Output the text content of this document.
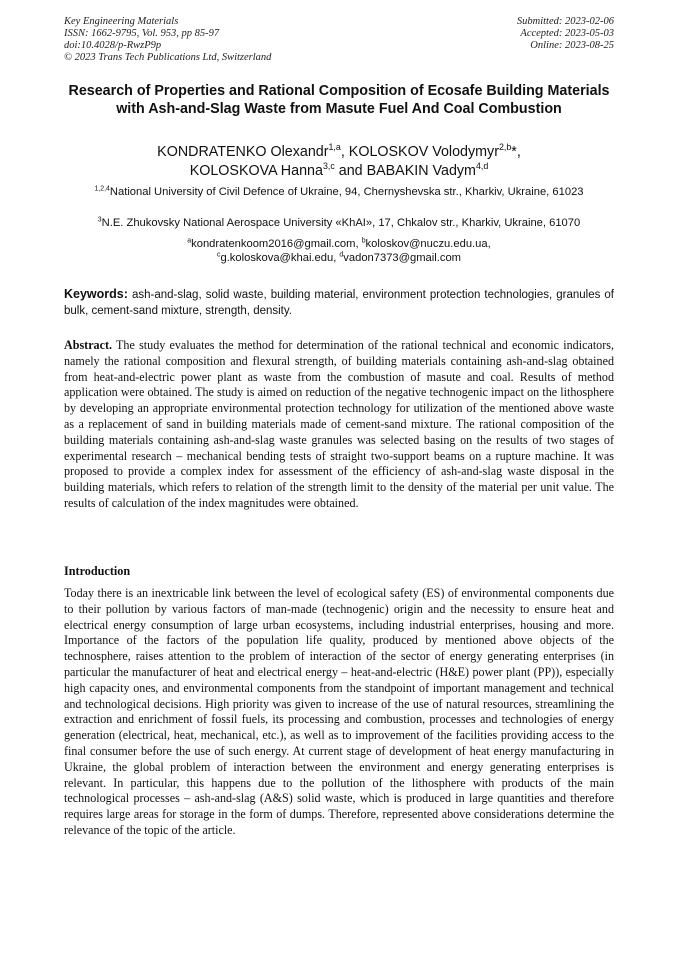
Key Engineering Materials
ISSN: 1662-9795, Vol. 953, pp 85-97
doi:10.4028/p-RwzP9p
© 2023 Trans Tech Publications Ltd, Switzerland
Submitted: 2023-02-06
Accepted: 2023-05-03
Online: 2023-08-25
Research of Properties and Rational Composition of Ecosafe Building Materials with Ash-and-Slag Waste from Masute Fuel And Coal Combustion
KONDRATENKO Olexandr$^{1,a}$, KOLOSKOV Volodymyr$^{2,b}$*,
KOLOSKOVA Hanna$^{3,c}$ and BABAKIN Vadym$^{4,d}$
$^{1,2,4}$National University of Civil Defence of Ukraine, 94, Chernyshevska str., Kharkiv, Ukraine, 61023
$^3$N.E. Zhukovsky National Aerospace University «KhAI», 17, Chkalov str., Kharkiv, Ukraine, 61070
$^a$kondratenkoom2016@gmail.com, $^b$koloskov@nuczu.edu.ua,
$^c$g.koloskova@khai.edu, $^d$vadon7373@gmail.com
Keywords: ash-and-slag, solid waste, building material, environment protection technologies, granules of bulk, cement-sand mixture, strength, density.
Abstract. The study evaluates the method for determination of the rational technical and economic indicators, namely the rational composition and flexural strength, of building materials containing ash-and-slag obtained from heat-and-electric power plant as waste from the combustion of masute and coal. Results of method application were obtained. The study is aimed on reduction of the negative technogenic impact on the lithosphere by developing an appropriate environmental protection technology for utilization of the mentioned above waste as a replacement of sand in building materials made of cement-sand mixture. The rational composition of the building materials containing ash-and-slag waste granules was selected basing on the results of two stages of experimental research – mechanical bending tests of straight two-support beams on a rupture machine. It was proposed to provide a complex index for assessment of the efficiency of ash-and-slag waste disposal in the building materials, which refers to relation of the strength limit to the density of the material per unit value. The results of calculation of the index magnitudes were obtained.
Introduction
Today there is an inextricable link between the level of ecological safety (ES) of environmental components due to their pollution by various factors of man-made (technogenic) origin and the necessity to ensure heat and electrical energy consumption of large urban ecosystems, including industrial enterprises, housing and more. Importance of the factors of the population life quality, produced by mentioned above objects of the technosphere, raises attention to the problem of interaction of the sector of energy generating enterprises (in particular the manufacturer of heat and electrical energy – heat-and-electric (H&E) power plant (PP)), especially high capacity ones, and environmental components from the standpoint of important management and technical and technological decisions. High priority was given to increase of the use of natural resources, streamlining the extraction and enrichment of fossil fuels, its processing and combustion, processes and technologies of energy generation (electrical, heat, mechanical, etc.), as well as to improvement of the facilities providing access to the final consumer before the use of such energy. At current stage of development of heat energy manufacturing in Ukraine, the global problem of interaction between the environment and energy generating enterprises is relevant. In particular, this happens due to the pollution of the lithosphere with products of the main technological processes – ash-and-slag (A&S) solid waste, which is produced in large quantities and therefore requires large areas for storage in the form of dumps. Therefore, represented above considerations determine the relevance of the topic of the article.
